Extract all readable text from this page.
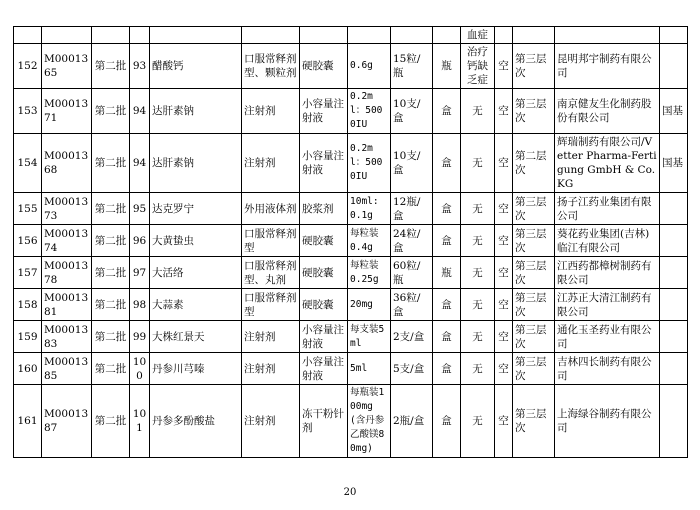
										血症				
152	M0001365	第二批	93	醋酸钙	口服常释剂型、颗粒剂	硬胶囊	0.6g	15粒/瓶	瓶	治疗钙缺乏症	空	第三层次	昆明邦宇制药有限公司	
153	M0001371	第二批	94	达肝素钠	注射剂	小容量注射液	0.2ml：5000IU	10支/盒	盒	无	空	第三层次	南京健友生化制药股份有限公司	国基
154	M0001368	第二批	94	达肝素钠	注射剂	小容量注射液	0.2ml：5000IU	10支/盒	盒	无	空	第二层次	辉瑞制药有限公司/Vetter Pharma-Fertigung GmbH & Co.KG	国基
155	M0001373	第二批	95	达克罗宁	外用液体剂	胶浆剂	10ml:0.1g	12瓶/盒	盒	无	空	第三层次	扬子江药业集团有限公司	
156	M0001374	第二批	96	大黄蛰虫	口服常释剂型	硬胶囊	每粒装0.4g	24粒/盒	盒	无	空	第三层次	葵花药业集团(吉林)临江有限公司	
157	M0001378	第二批	97	大活络	口服常释剂型、丸剂	硬胶囊	每粒装0.25g	60粒/瓶	瓶	无	空	第三层次	江西药都樟树制药有限公司	
158	M0001381	第二批	98	大蒜素	口服常释剂型	硬胶囊	20mg	36粒/盒	盒	无	空	第三层次	江苏正大清江制药有限公司	
159	M0001383	第二批	99	大株红景天	注射剂	小容量注射液	每支装5ml	2支/盒	盒	无	空	第三层次	通化玉圣药业有限公司	
160	M0001385	第二批	100	丹参川芎嗪	注射剂	小容量注射液	5ml	5支/盒	盒	无	空	第三层次	吉林四长制药有限公司	
161	M0001387	第二批	101	丹参多酚酸盐	注射剂	冻干粉针剂	每瓶装100mg(含丹参乙酸镁80mg)	2瓶/盒	盒	无	空	第三层次	上海绿谷制药有限公司	
20
